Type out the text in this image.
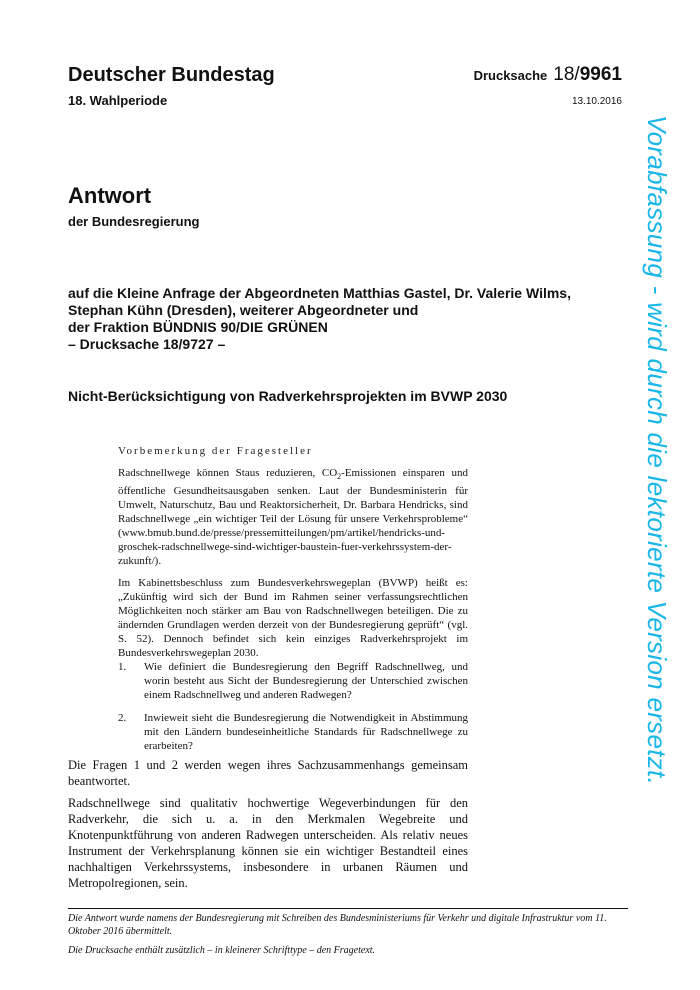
Deutscher Bundestag
18. Wahlperiode
Drucksache 18/9961
13.10.2016
Antwort
der Bundesregierung
auf die Kleine Anfrage der Abgeordneten Matthias Gastel, Dr. Valerie Wilms,
Stephan Kühn (Dresden), weiterer Abgeordneter und
der Fraktion BÜNDNIS 90/DIE GRÜNEN
– Drucksache 18/9727 –
Nicht-Berücksichtigung von Radverkehrsprojekten im BVWP 2030
Vorbemerkung der Fragesteller

Radschnellwege können Staus reduzieren, $CO_2$-Emissionen einsparen und öffentliche Gesundheitsausgaben senken. Laut der Bundesministerin für Umwelt, Naturschutz, Bau und Reaktorsicherheit, Dr. Barbara Hendricks, sind Radschnellwege „ein wichtiger Teil der Lösung für unsere Verkehrsprobleme“ (www.bmub.bund.de/presse/pressemitteilungen/pm/artikel/hendricks-und-groschek-radschnellwege-sind-wichtiger-baustein-fuer-verkehrssystem-der-zukunft/).

Im Kabinettsbeschluss zum Bundesverkehrswegeplan (BVWP) heißt es: „Zukünftig wird sich der Bund im Rahmen seiner verfassungsrechtlichen Möglichkeiten noch stärker am Bau von Radschnellwegen beteiligen. Die zu ändernden Grundlagen werden derzeit von der Bundesregierung geprüft“ (vgl. S. 52). Dennoch befindet sich kein einziges Radverkehrsprojekt im Bundesverkehrswegeplan 2030.

1. Wie definiert die Bundesregierung den Begriff Radschnellweg, und worin besteht aus Sicht der Bundesregierung der Unterschied zwischen einem Radschnellweg und anderen Radwegen?
2. Inwieweit sieht die Bundesregierung die Notwendigkeit in Abstimmung mit den Ländern bundeseinheitliche Standards für Radschnellwege zu erarbeiten?

Die Fragen 1 und 2 werden wegen ihres Sachzusammenhangs gemeinsam beantwortet.

Radschnellwege sind qualitativ hochwertige Wegeverbindungen für den Radverkehr, die sich u. a. in den Merkmalen Wegebreite und Knotenpunktführung von anderen Radwegen unterscheiden. Als relativ neues Instrument der Verkehrsplanung können sie ein wichtiger Bestandteil eines nachhaltigen Verkehrssystems, insbesondere in urbanen Räumen und Metropolregionen, sein.

Die Antwort wurde namens der Bundesregierung mit Schreiben des Bundesministeriums für Verkehr und digitale Infrastruktur vom 11. Oktober 2016 übermittelt.
Die Drucksache enthält zusätzlich – in kleinerer Schrifttype – den Fragetext.
Vorabfassung - wird durch die lektorierte Version ersetzt.
